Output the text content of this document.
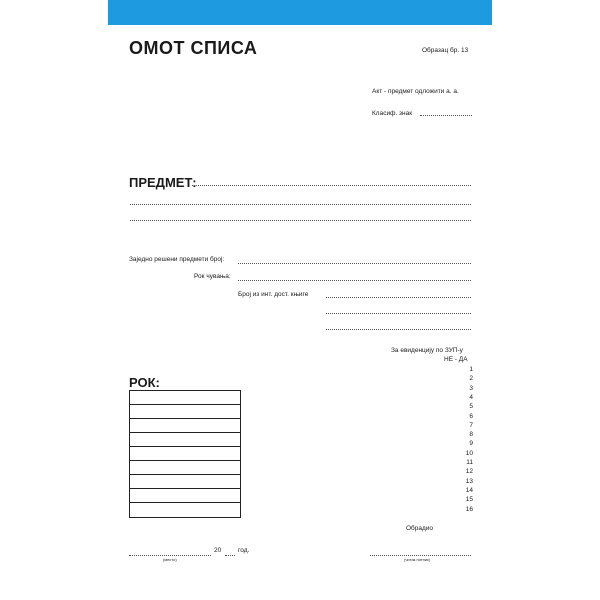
ОМОТ СПИСА	Образац бр. 13
Акт - предмет одложити а. а.
Класиф. знак
ПРЕДМЕТ:
Заједно решени предмети број:
Рок чувања:
Број из инт. дост. књиге
За евиденцију по ЗУП-у
НЕ - ДА
1
2
3
4
5
6
7
8
9
10
11
12
13
14
15
16
РОК:
Обрадио
20	год.
(место)	(читак потпис)
